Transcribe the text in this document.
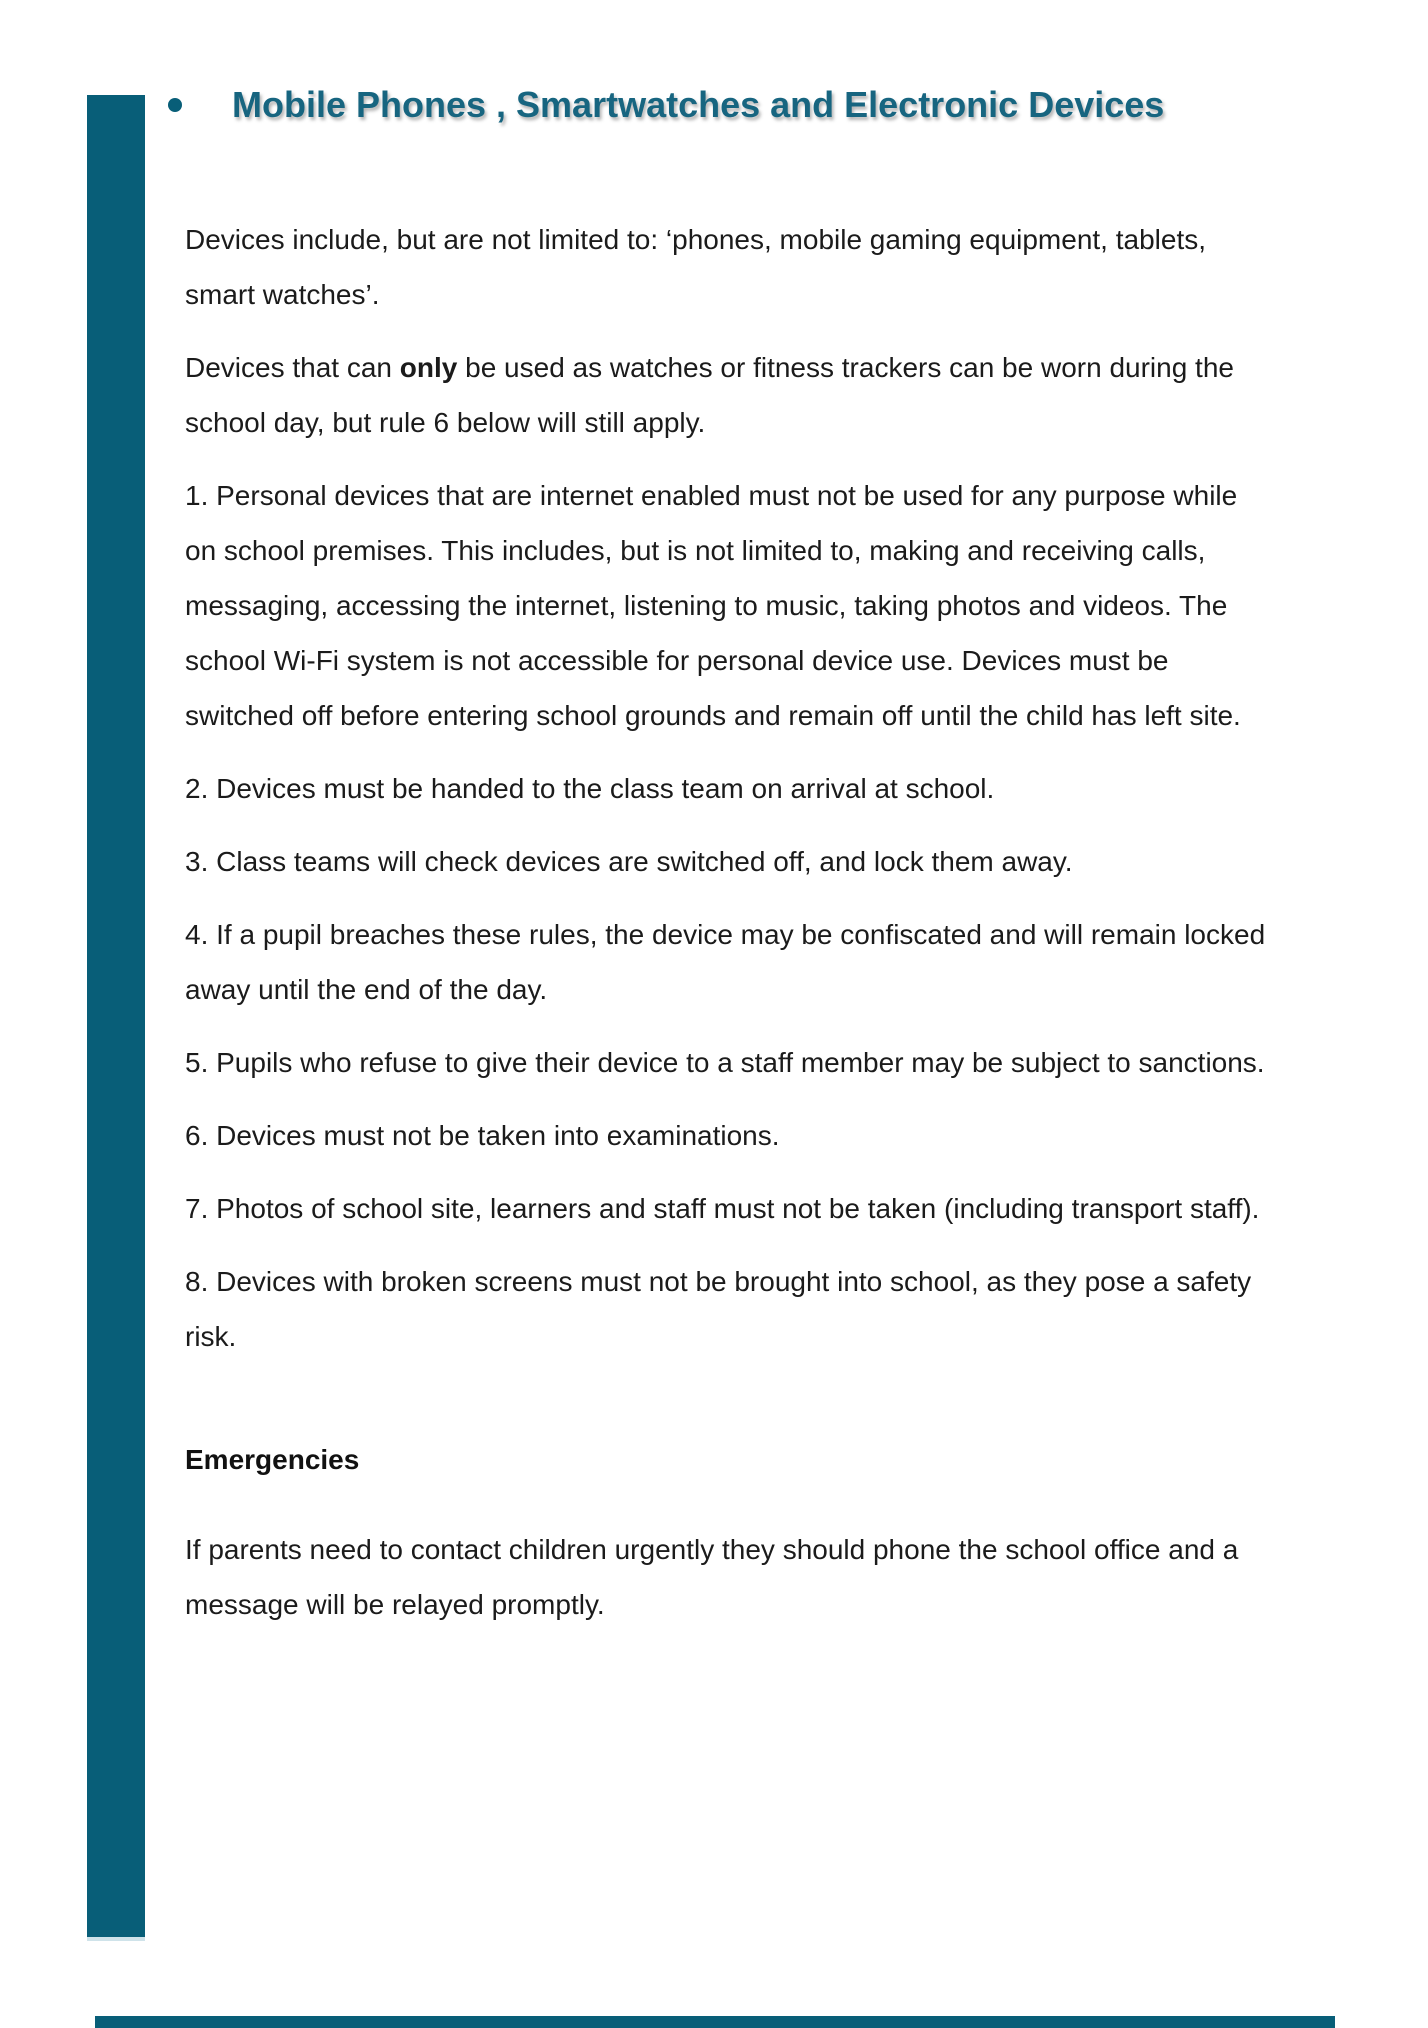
Mobile Phones , Smartwatches and Electronic Devices

Devices include, but are not limited to: ‘phones, mobile gaming equipment, tablets, smart watches’.

Devices that can only be used as watches or fitness trackers can be worn during the school day, but rule 6 below will still apply.

1. Personal devices that are internet enabled must not be used for any purpose while on school premises. This includes, but is not limited to, making and receiving calls, messaging, accessing the internet, listening to music, taking photos and videos. The school Wi-Fi system is not accessible for personal device use. Devices must be switched off before entering school grounds and remain off until the child has left site.

2. Devices must be handed to the class team on arrival at school.

3. Class teams will check devices are switched off, and lock them away.

4. If a pupil breaches these rules, the device may be confiscated and will remain locked away until the end of the day.

5. Pupils who refuse to give their device to a staff member may be subject to sanctions.

6. Devices must not be taken into examinations.

7. Photos of school site, learners and staff must not be taken (including transport staff).

8. Devices with broken screens must not be brought into school, as they pose a safety risk.

Emergencies

If parents need to contact children urgently they should phone the school office and a message will be relayed promptly.
